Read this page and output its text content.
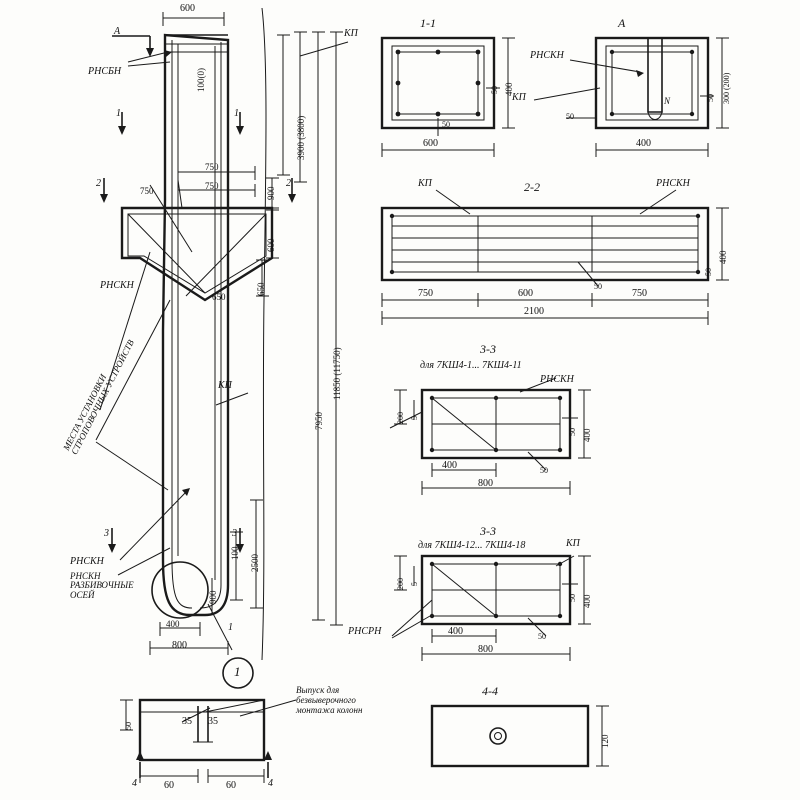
600
100(0)
А
РНСБН
КП
1	1
2	2
3	3
750
750
750	900
600
650
650
3900 (3800)
7950
11850 (11750)
КП
РНСКН
РНСКН
РНСКН РАЗБИВОЧНЫЕ ОСЕЙ
МЕСТА УСТАНОВКИ СТРОПОВОЧНЫХ УСТРОЙСТВ
2500
100
900
400
800
1
1
1-1
600
400
50
50
А
400
300 (200)
50
50
РНСКН
КП	N
2-2
КП	РНСКН
750	600	750
2100
400
50
50
3-3
для 7КШ4-1... 7КШ4-11
РНСКН
400
800
400
200 5
50
50
3-3
для 7КШ4-12... 7КШ4-18	КП
РНСРН	400
800
400
200 5
50
50
4-4
120
35 35
60	60
50
4	4
Выпуск для безвыверочного монтажа колонн
